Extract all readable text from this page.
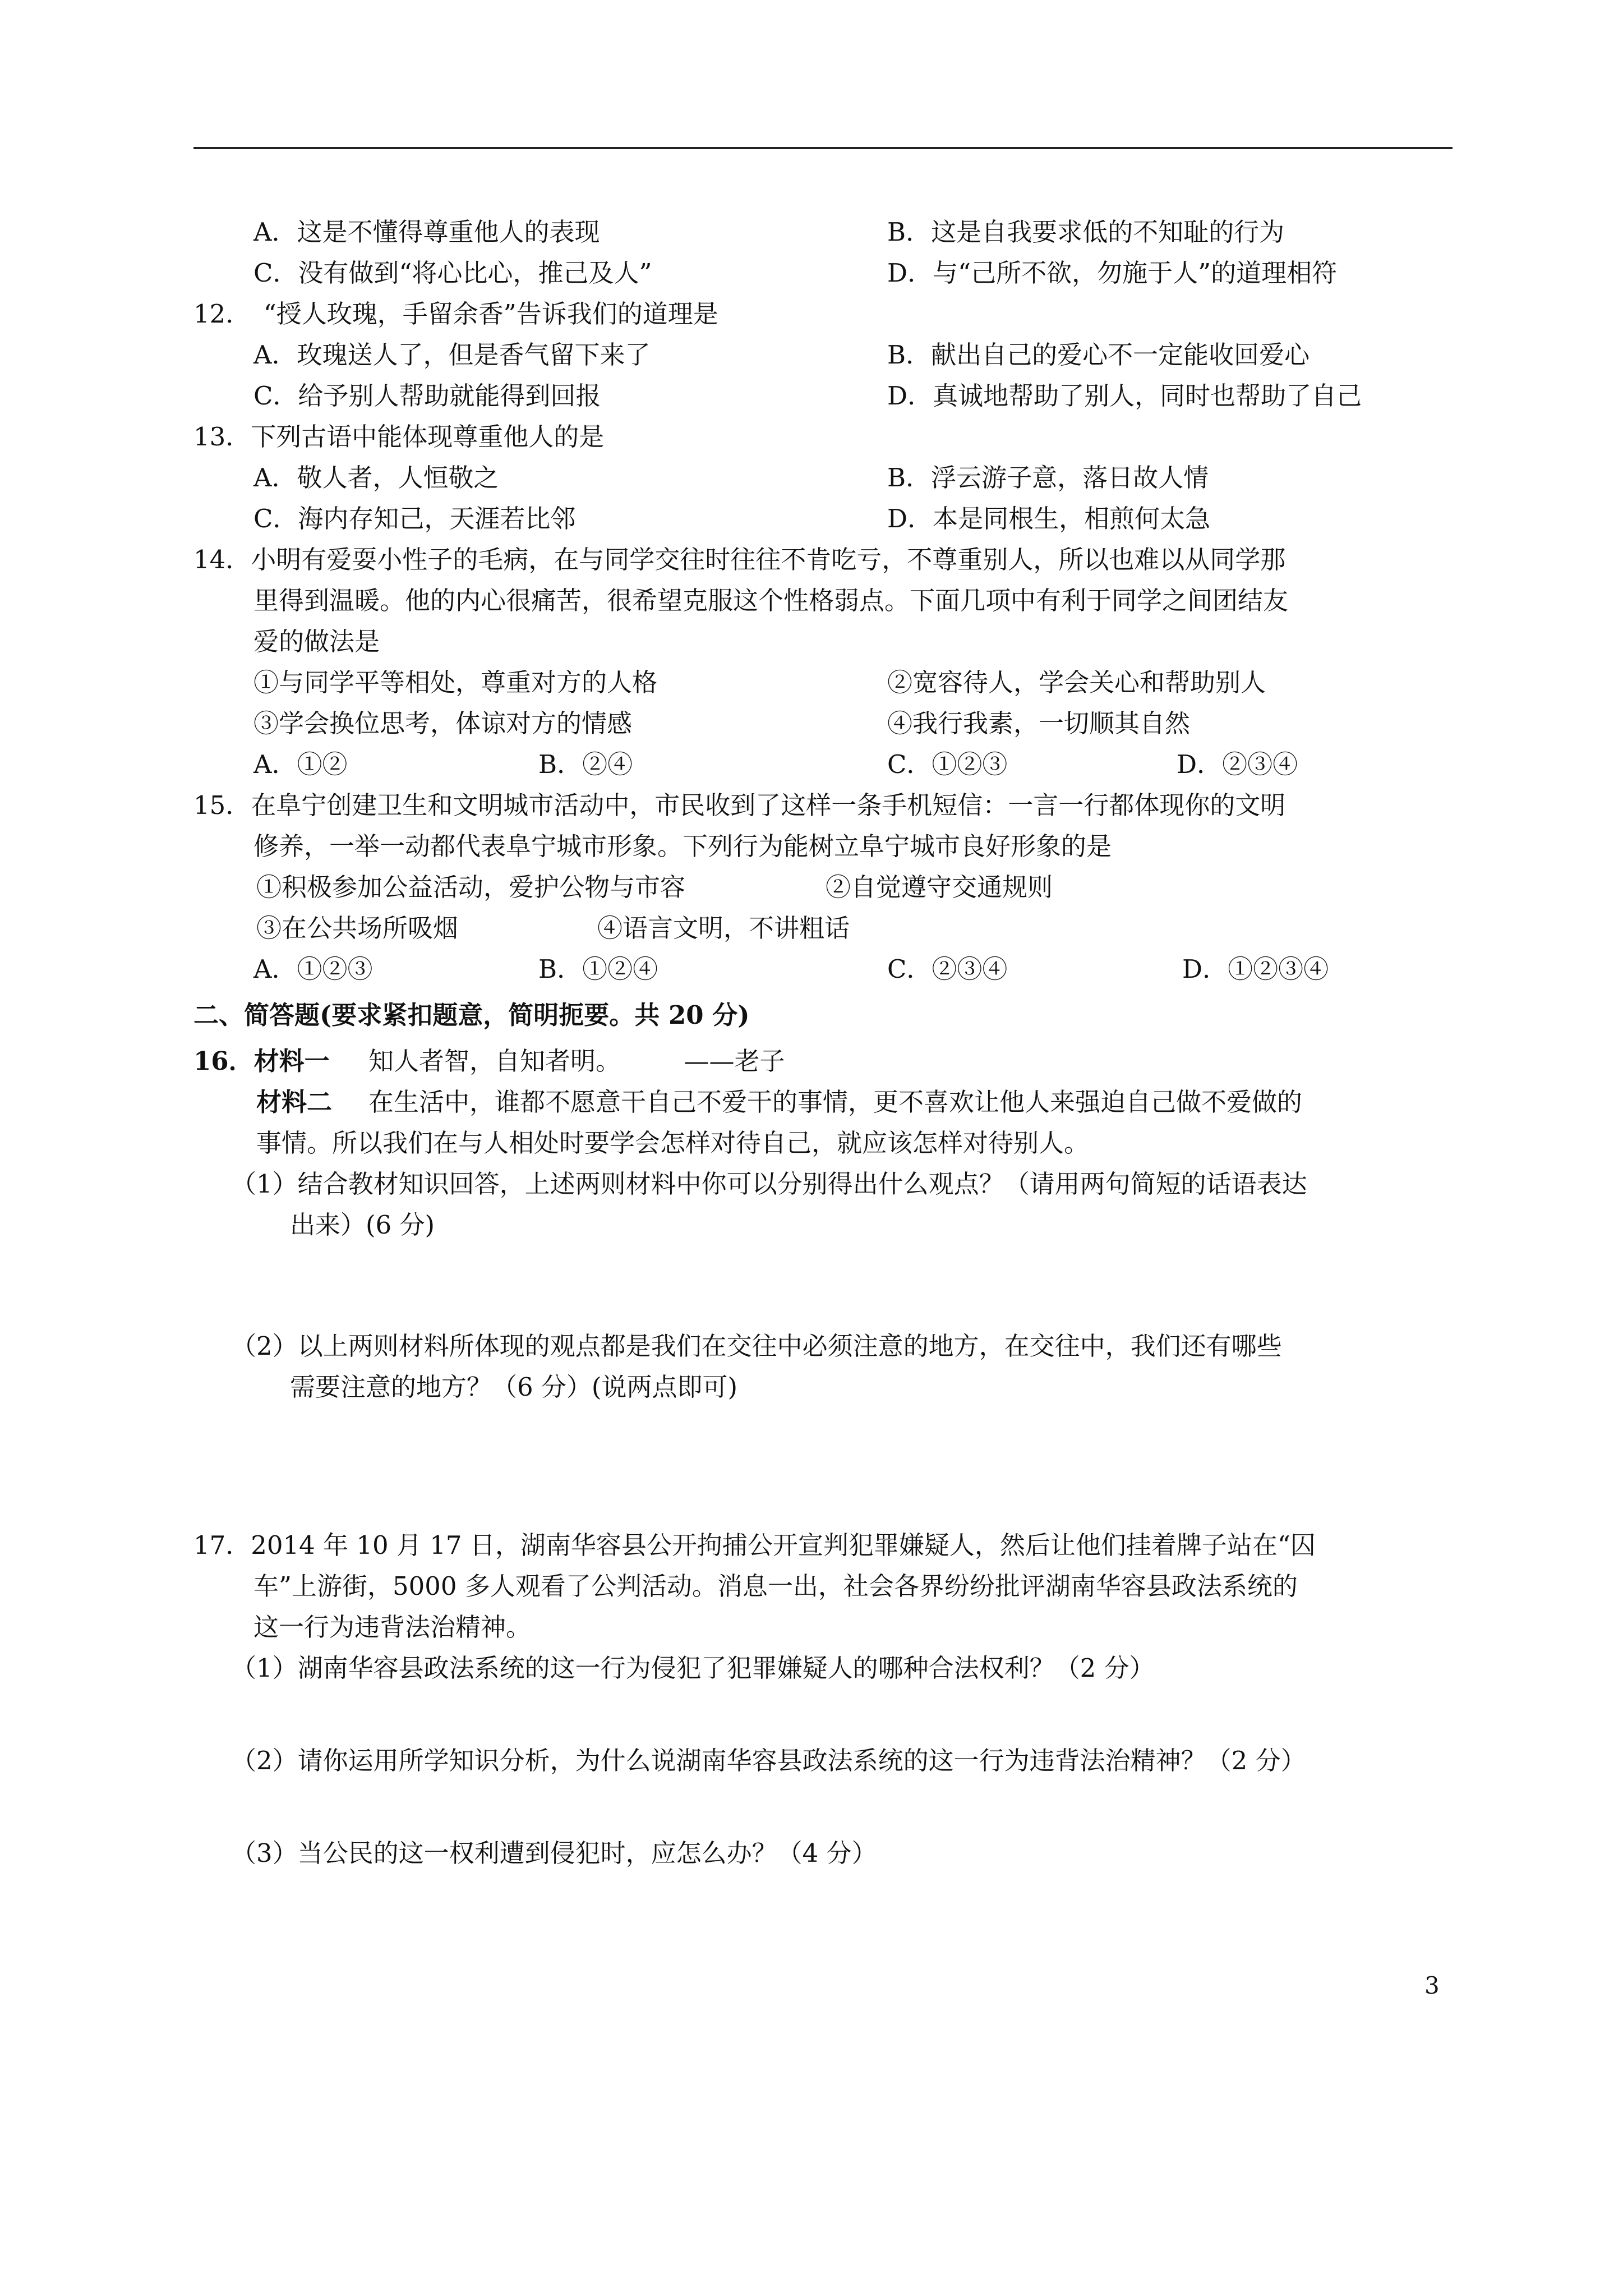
A．这是不懂得尊重他人的表现	B．这是自我要求低的不知耻的行为
C．没有做到“将心比心，推己及人”	D．与“己所不欲，勿施于人”的道理相符
12．　“授人玫瑰，手留余香”告诉我们的道理是
A．玫瑰送人了，但是香气留下来了	B．献出自己的爱心不一定能收回爱心
C．给予别人帮助就能得到回报	D．真诚地帮助了别人，同时也帮助了自己
13．下列古语中能体现尊重他人的是
A．敬人者，人恒敬之	B．浮云游子意，落日故人情
C．海内存知己，天涯若比邻	D．本是同根生，相煎何太急
14．小明有爱耍小性子的毛病，在与同学交往时往往不肯吃亏，不尊重别人，所以也难以从同学那
里得到温暖。他的内心很痛苦，很希望克服这个性格弱点。下面几项中有利于同学之间团结友
爱的做法是
①与同学平等相处，尊重对方的人格	②宽容待人，学会关心和帮助别人
③学会换位思考，体谅对方的情感	④我行我素，一切顺其自然
A．①②	B．②④	C．①②③	D．②③④
15．在阜宁创建卫生和文明城市活动中，市民收到了这样一条手机短信：一言一行都体现你的文明
修养，一举一动都代表阜宁城市形象。下列行为能树立阜宁城市良好形象的是
①积极参加公益活动，爱护公物与市容	②自觉遵守交通规则
③在公共场所吸烟	④语言文明，不讲粗话
A．①②③	B．①②④	C．②③④	D．①②③④
二、简答题(要求紧扣题意，简明扼要。共 20 分)
16．材料一 知人者智，自知者明。　　　——老子
材料二 在生活中，谁都不愿意干自己不爱干的事情，更不喜欢让他人来强迫自己做不爱做的
事情。所以我们在与人相处时要学会怎样对待自己，就应该怎样对待别人。
（1）结合教材知识回答，上述两则材料中你可以分别得出什么观点？（请用两句简短的话语表达
出来）(6 分)
（2）以上两则材料所体现的观点都是我们在交往中必须注意的地方，在交往中，我们还有哪些
需要注意的地方？（6 分）(说两点即可)
17．2014 年 10 月 17 日，湖南华容县公开拘捕公开宣判犯罪嫌疑人，然后让他们挂着牌子站在“囚
车”上游街，5000 多人观看了公判活动。消息一出，社会各界纷纷批评湖南华容县政法系统的
这一行为违背法治精神。
（1）湖南华容县政法系统的这一行为侵犯了犯罪嫌疑人的哪种合法权利？（2 分）
（2）请你运用所学知识分析，为什么说湖南华容县政法系统的这一行为违背法治精神？（2 分）
（3）当公民的这一权利遭到侵犯时，应怎么办？（4 分）
3
